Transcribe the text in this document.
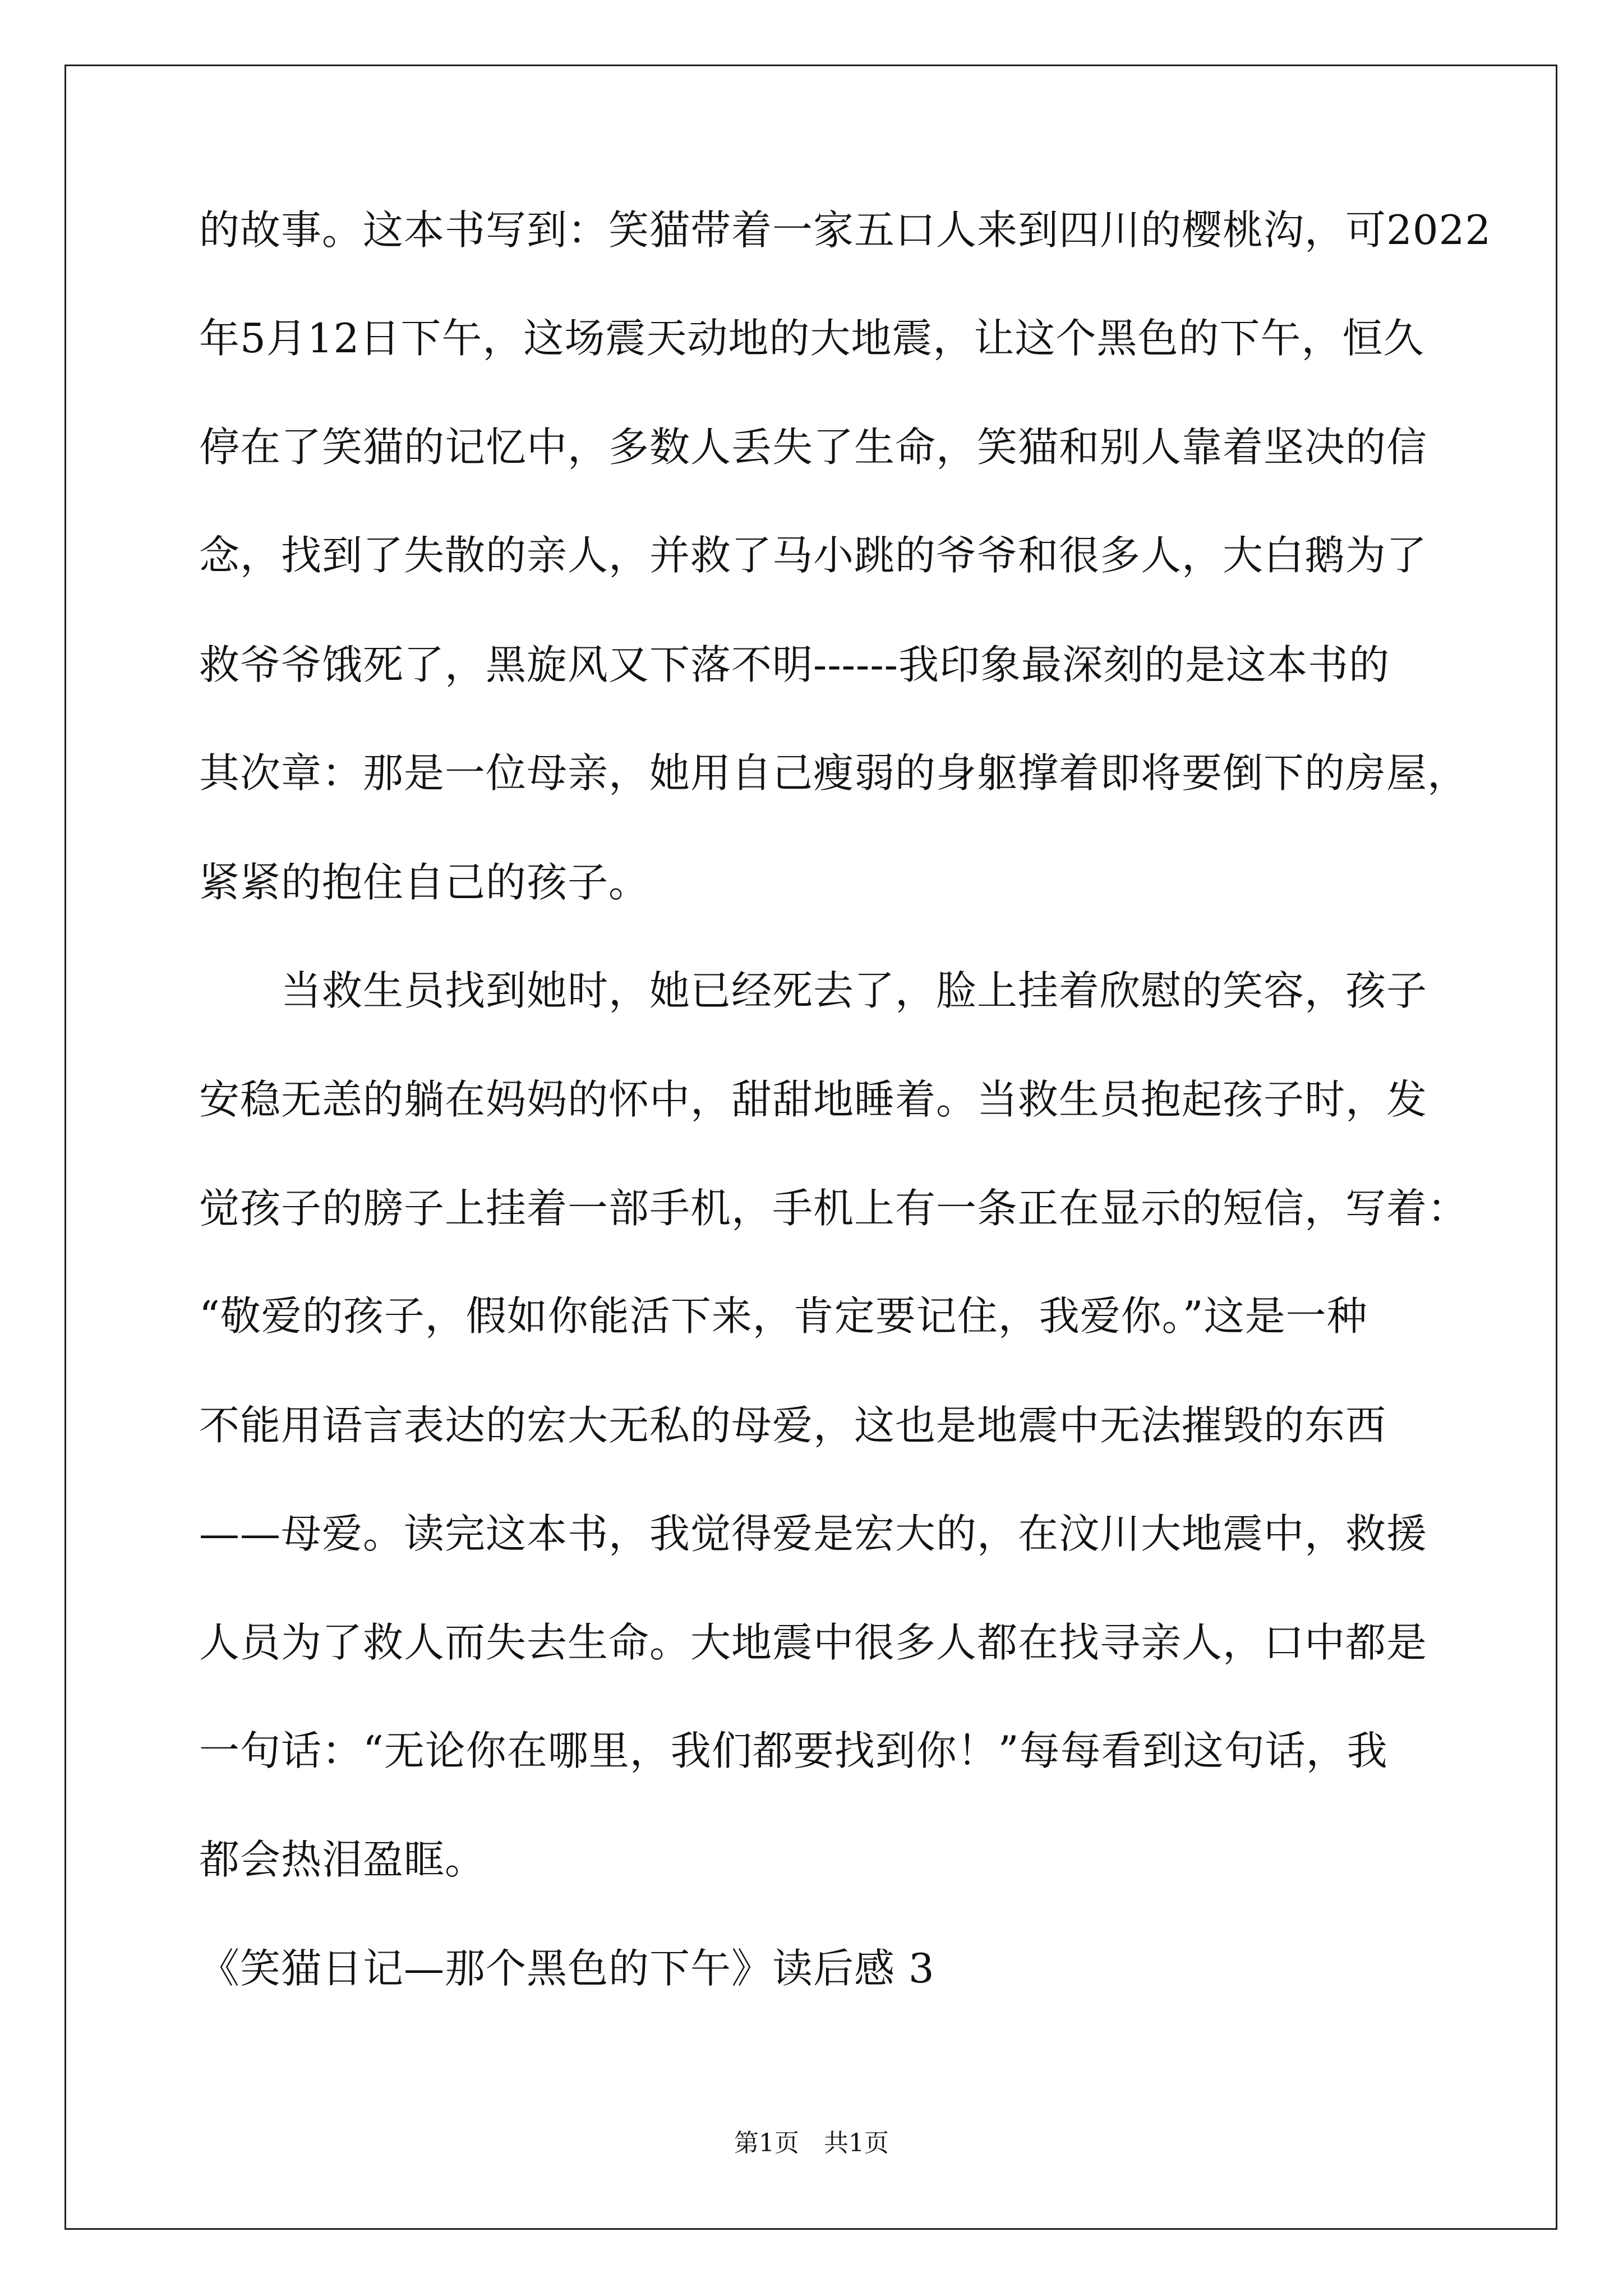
的故事。这本书写到：笑猫带着一家五口人来到四川的樱桃沟，可2022

年5月12日下午，这场震天动地的大地震，让这个黑色的下午，恒久

停在了笑猫的记忆中，多数人丢失了生命，笑猫和别人靠着坚决的信

念，找到了失散的亲人，并救了马小跳的爷爷和很多人，大白鹅为了

救爷爷饿死了，黑旋风又下落不明------我印象最深刻的是这本书的

其次章：那是一位母亲，她用自己瘦弱的身躯撑着即将要倒下的房屋，

紧紧的抱住自己的孩子。

　　当救生员找到她时，她已经死去了，脸上挂着欣慰的笑容，孩子

安稳无恙的躺在妈妈的怀中，甜甜地睡着。当救生员抱起孩子时，发

觉孩子的膀子上挂着一部手机，手机上有一条正在显示的短信，写着：

“敬爱的孩子，假如你能活下来，肯定要记住，我爱你。”这是一种

不能用语言表达的宏大无私的母爱，这也是地震中无法摧毁的东西

——母爱。读完这本书，我觉得爱是宏大的，在汶川大地震中，救援

人员为了救人而失去生命。大地震中很多人都在找寻亲人，口中都是

一句话：“无论你在哪里，我们都要找到你！”每每看到这句话，我

都会热泪盈眶。

《笑猫日记—那个黑色的下午》读后感 3

第1页　共1页
